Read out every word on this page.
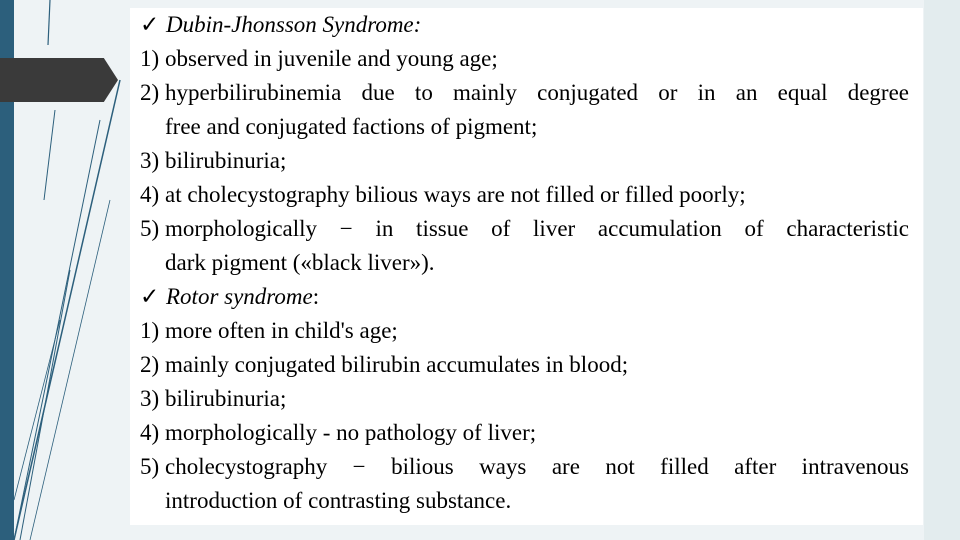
✓ Dubin-Jhonsson Syndrome:
1) observed in juvenile and young age;
2) hyperbilirubinemia due to mainly conjugated or in an equal degree
free and conjugated factions of pigment;
3) bilirubinuria;
4) at cholecystography bilious ways are not filled or filled poorly;
5) morphologically − in tissue of liver accumulation of characteristic
dark pigment («black liver»).
✓ Rotor syndrome:
1) more often in child's age;
2) mainly conjugated bilirubin accumulates in blood;
3) bilirubinuria;
4) morphologically - no pathology of liver;
5) cholecystography − bilious ways are not filled after intravenous
introduction of contrasting substance.
